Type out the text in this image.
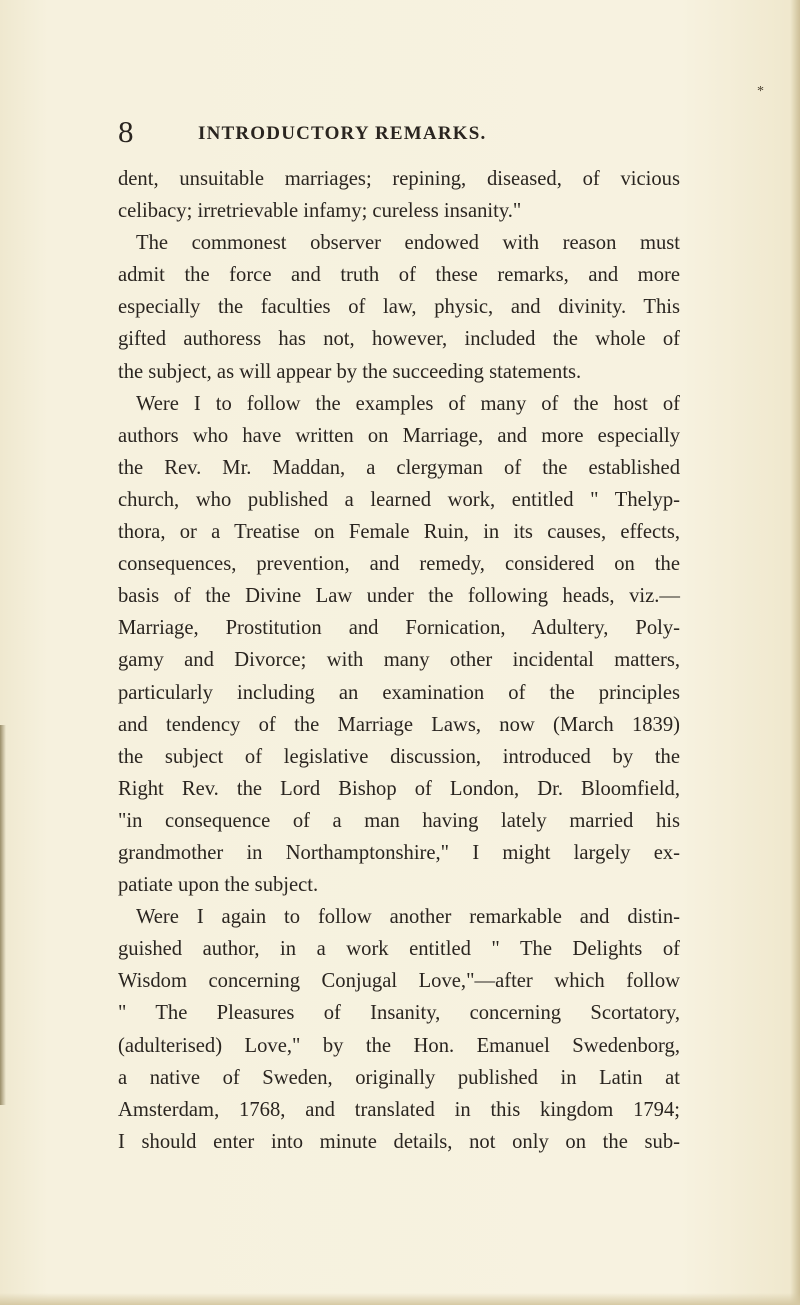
*
8	INTRODUCTORY REMARKS.
dent, unsuitable marriages; repining, diseased, of vicious
celibacy; irretrievable infamy; cureless insanity."
The commonest observer endowed with reason must
admit the force and truth of these remarks, and more
especially the faculties of law, physic, and divinity. This
gifted authoress has not, however, included the whole of
the subject, as will appear by the succeeding statements.
Were I to follow the examples of many of the host of
authors who have written on Marriage, and more especially
the Rev. Mr. Maddan, a clergyman of the established
church, who published a learned work, entitled " Thelyp-
thora, or a Treatise on Female Ruin, in its causes, effects,
consequences, prevention, and remedy, considered on the
basis of the Divine Law under the following heads, viz.—
Marriage, Prostitution and Fornication, Adultery, Poly-
gamy and Divorce; with many other incidental matters,
particularly including an examination of the principles
and tendency of the Marriage Laws, now (March 1839)
the subject of legislative discussion, introduced by the
Right Rev. the Lord Bishop of London, Dr. Bloomfield,
"in consequence of a man having lately married his
grandmother in Northamptonshire," I might largely ex-
patiate upon the subject.
Were I again to follow another remarkable and distin-
guished author, in a work entitled " The Delights of
Wisdom concerning Conjugal Love,"—after which follow
" The Pleasures of Insanity, concerning Scortatory,
(adulterised) Love," by the Hon. Emanuel Swedenborg,
a native of Sweden, originally published in Latin at
Amsterdam, 1768, and translated in this kingdom 1794;
I should enter into minute details, not only on the sub-
